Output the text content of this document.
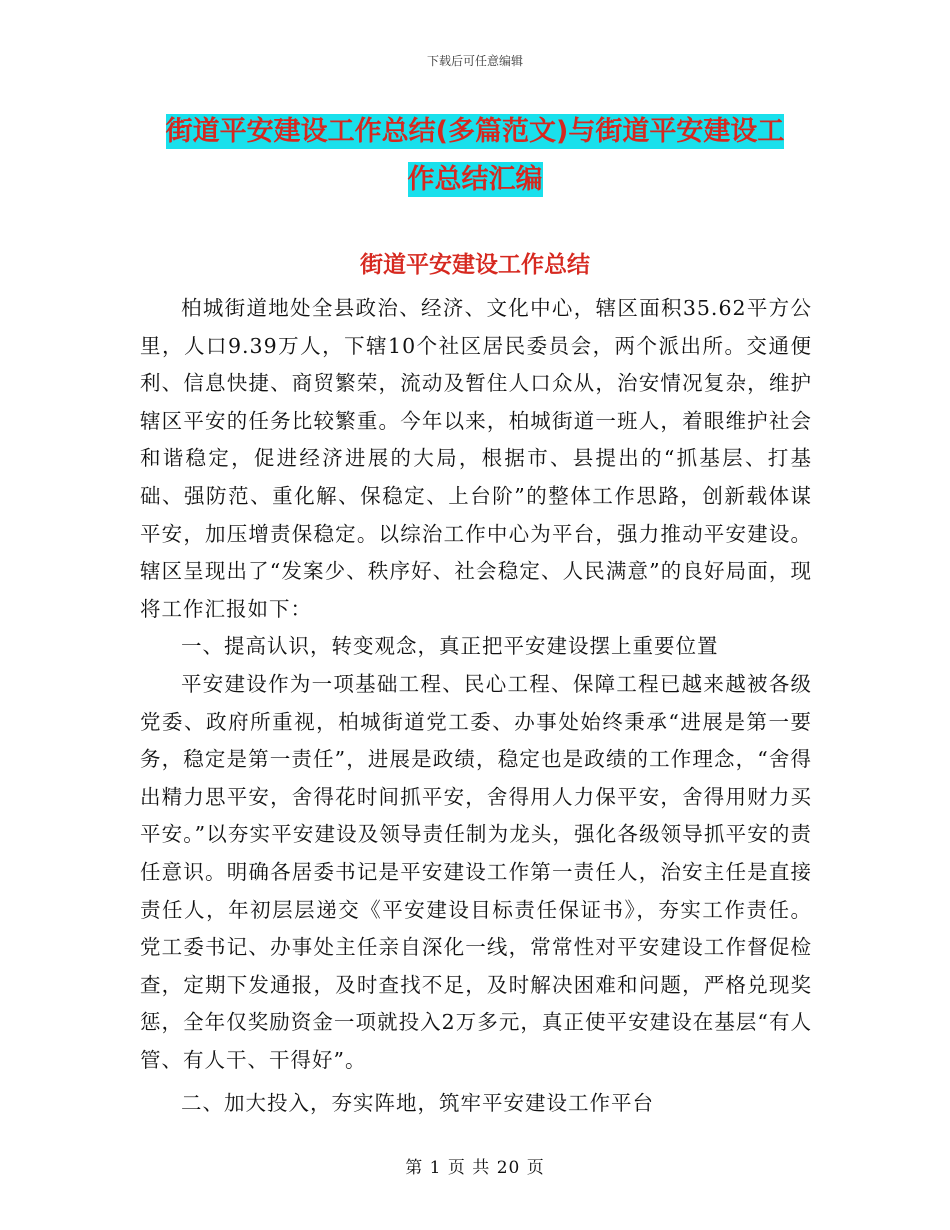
下载后可任意编辑
街道平安建设工作总结(多篇范文)与街道平安建设工
作总结汇编
街道平安建设工作总结

柏城街道地处全县政治、经济、文化中心，辖区面积35.62平方公里，人口9.39万人，下辖10个社区居民委员会，两个派出所。交通便利、信息快捷、商贸繁荣，流动及暂住人口众从，治安情况复杂，维护辖区平安的任务比较繁重。今年以来，柏城街道一班人，着眼维护社会和谐稳定，促进经济进展的大局，根据市、县提出的“抓基层、打基础、强防范、重化解、保稳定、上台阶”的整体工作思路，创新载体谋平安，加压增责保稳定。以综治工作中心为平台，强力推动平安建设。辖区呈现出了“发案少、秩序好、社会稳定、人民满意”的良好局面，现将工作汇报如下：

一、提高认识，转变观念，真正把平安建设摆上重要位置

平安建设作为一项基础工程、民心工程、保障工程已越来越被各级党委、政府所重视，柏城街道党工委、办事处始终秉承“进展是第一要务，稳定是第一责任”，进展是政绩，稳定也是政绩的工作理念，“舍得出精力思平安，舍得花时间抓平安，舍得用人力保平安，舍得用财力买平安。”以夯实平安建设及领导责任制为龙头，强化各级领导抓平安的责任意识。明确各居委书记是平安建设工作第一责任人，治安主任是直接责任人，年初层层递交《平安建设目标责任保证书》，夯实工作责任。党工委书记、办事处主任亲自深化一线，常常性对平安建设工作督促检查，定期下发通报，及时查找不足，及时解决困难和问题，严格兑现奖惩，全年仅奖励资金一项就投入2万多元，真正使平安建设在基层“有人管、有人干、干得好”。

二、加大投入，夯实阵地，筑牢平安建设工作平台

第 1 页 共 20 页
